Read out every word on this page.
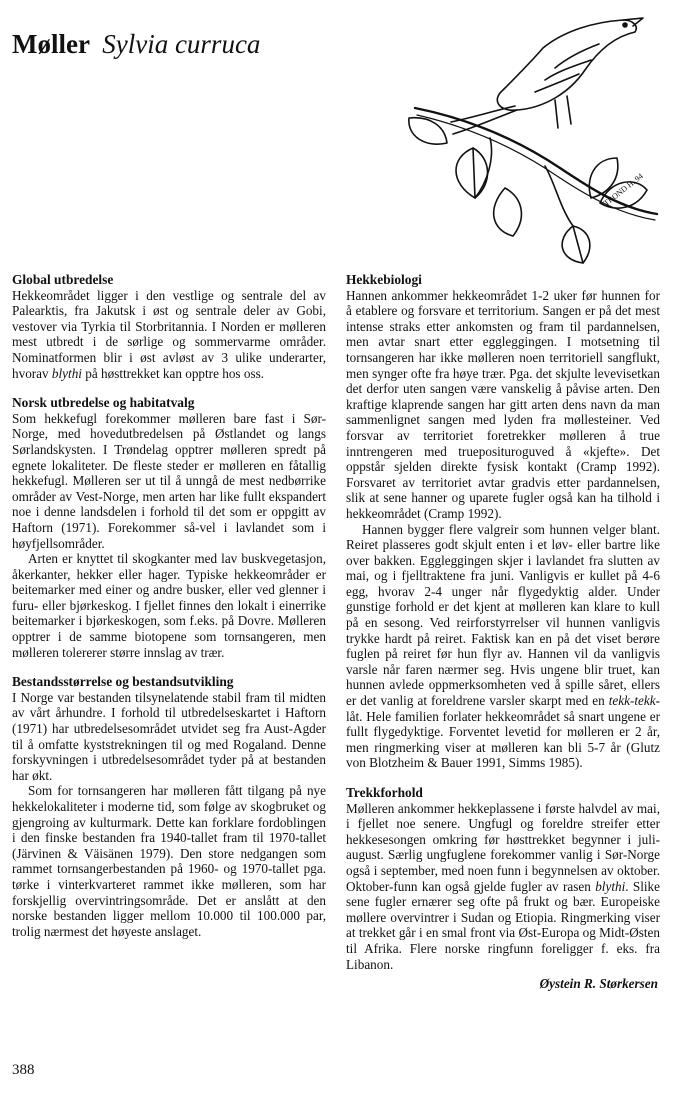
Møller Sylvia curruca
TROND H. 94
Global utbredelse

Hekkeområdet ligger i den vestlige og sentrale del av Palearktis, fra Jakutsk i øst og sentrale deler av Gobi, vestover via Tyrkia til Storbritannia. I Norden er mølleren mest utbredt i de sørlige og sommervarme områder. Nominatformen blir i øst avløst av 3 ulike underarter, hvorav blythi på høsttrekket kan opptre hos oss.

Norsk utbredelse og habitatvalg

Som hekkefugl forekommer mølleren bare fast i Sør-Norge, med hovedutbredelsen på Østlandet og langs Sørlandskysten. I Trøndelag opptrer mølleren spredt på egnete lokaliteter. De fleste steder er mølleren en fåtallig hekkefugl. Mølleren ser ut til å unngå de mest nedbørrike områder av Vest-Norge, men arten har like fullt ekspandert noe i denne landsdelen i forhold til det som er oppgitt av Haftorn (1971). Forekommer så-vel i lavlandet som i høyfjellsområder.

Arten er knyttet til skogkanter med lav buskvegetasjon, åkerkanter, hekker eller hager. Typiske hekkeområder er beitemarker med einer og andre busker, eller ved glenner i furu- eller bjørkeskog. I fjellet finnes den lokalt i einerrike beitemarker i bjørkeskogen, som f.eks. på Dovre. Mølleren opptrer i de samme biotopene som tornsangeren, men mølleren tolererer større innslag av trær.

Bestandsstørrelse og bestandsutvikling

I Norge var bestanden tilsynelatende stabil fram til midten av vårt århundre. I forhold til utbredelseskartet i Haftorn (1971) har utbredelsesområdet utvidet seg fra Aust-Agder til å omfatte kyststrekningen til og med Rogaland. Denne forskyvningen i utbredelsesområdet tyder på at bestanden har økt.

Som for tornsangeren har mølleren fått tilgang på nye hekkelokaliteter i moderne tid, som følge av skogbruket og gjengroing av kulturmark. Dette kan forklare fordoblingen i den finske bestanden fra 1940-tallet fram til 1970-tallet (Järvinen & Väisänen 1979). Den store nedgangen som rammet tornsangerbestanden på 1960- og 1970-tallet pga. tørke i vinterkvarteret rammet ikke mølleren, som har forskjellig overvintringsområde. Det er anslått at den norske bestanden ligger mellom 10.000 til 100.000 par, trolig nærmest det høyeste anslaget.

Hekkebiologi

Hannen ankommer hekkeområdet 1-2 uker før hunnen for å etablere og forsvare et territorium. Sangen er på det mest intense straks etter ankomsten og fram til pardannelsen, men avtar snart etter eggleggingen. I motsetning til tornsangeren har ikke mølleren noen territoriell sangflukt, men synger ofte fra høye trær. Pga. det skjulte levevisetkan det derfor uten sangen være vanskelig å påvise arten. Den kraftige klaprende sangen har gitt arten dens navn da man sammenlignet sangen med lyden fra møllesteiner. Ved forsvar av territoriet foretrekker mølleren å true inntrengeren med trueposituroguved å «kjefte». Det oppstår sjelden direkte fysisk kontakt (Cramp 1992). Forsvaret av territoriet avtar gradvis etter pardannelsen, slik at sene hanner og uparete fugler også kan ha tilhold i hekkeområdet (Cramp 1992).

Hannen bygger flere valgreir som hunnen velger blant. Reiret plasseres godt skjult enten i et løv- eller bartre like over bakken. Eggleggingen skjer i lavlandet fra slutten av mai, og i fjelltraktene fra juni. Vanligvis er kullet på 4-6 egg, hvorav 2-4 unger når flygedyktig alder. Under gunstige forhold er det kjent at mølleren kan klare to kull på en sesong. Ved reirforstyrrelser vil hunnen vanligvis trykke hardt på reiret. Faktisk kan en på det viset berøre fuglen på reiret før hun flyr av. Hannen vil da vanligvis varsle når faren nærmer seg. Hvis ungene blir truet, kan hunnen avlede oppmerksomheten ved å spille såret, ellers er det vanlig at foreldrene varsler skarpt med en tekk-tekk-låt. Hele familien forlater hekkeområdet så snart ungene er fullt flygedyktige. Forventet levetid for mølleren er 2 år, men ringmerking viser at mølleren kan bli 5-7 år (Glutz von Blotzheim & Bauer 1991, Simms 1985).

Trekkforhold

Mølleren ankommer hekkeplassene i første halvdel av mai, i fjellet noe senere. Ungfugl og foreldre streifer etter hekkesesongen omkring før høsttrekket begynner i juli-august. Særlig ungfuglene forekommer vanlig i Sør-Norge også i september, med noen funn i begynnelsen av oktober. Oktober-funn kan også gjelde fugler av rasen blythi. Slike sene fugler ernærer seg ofte på frukt og bær. Europeiske møllere overvintrer i Sudan og Etiopia. Ringmerking viser at trekket går i en smal front via Øst-Europa og Midt-Østen til Afrika. Flere norske ringfunn foreligger f. eks. fra Libanon.

Øystein R. Størkersen

388
